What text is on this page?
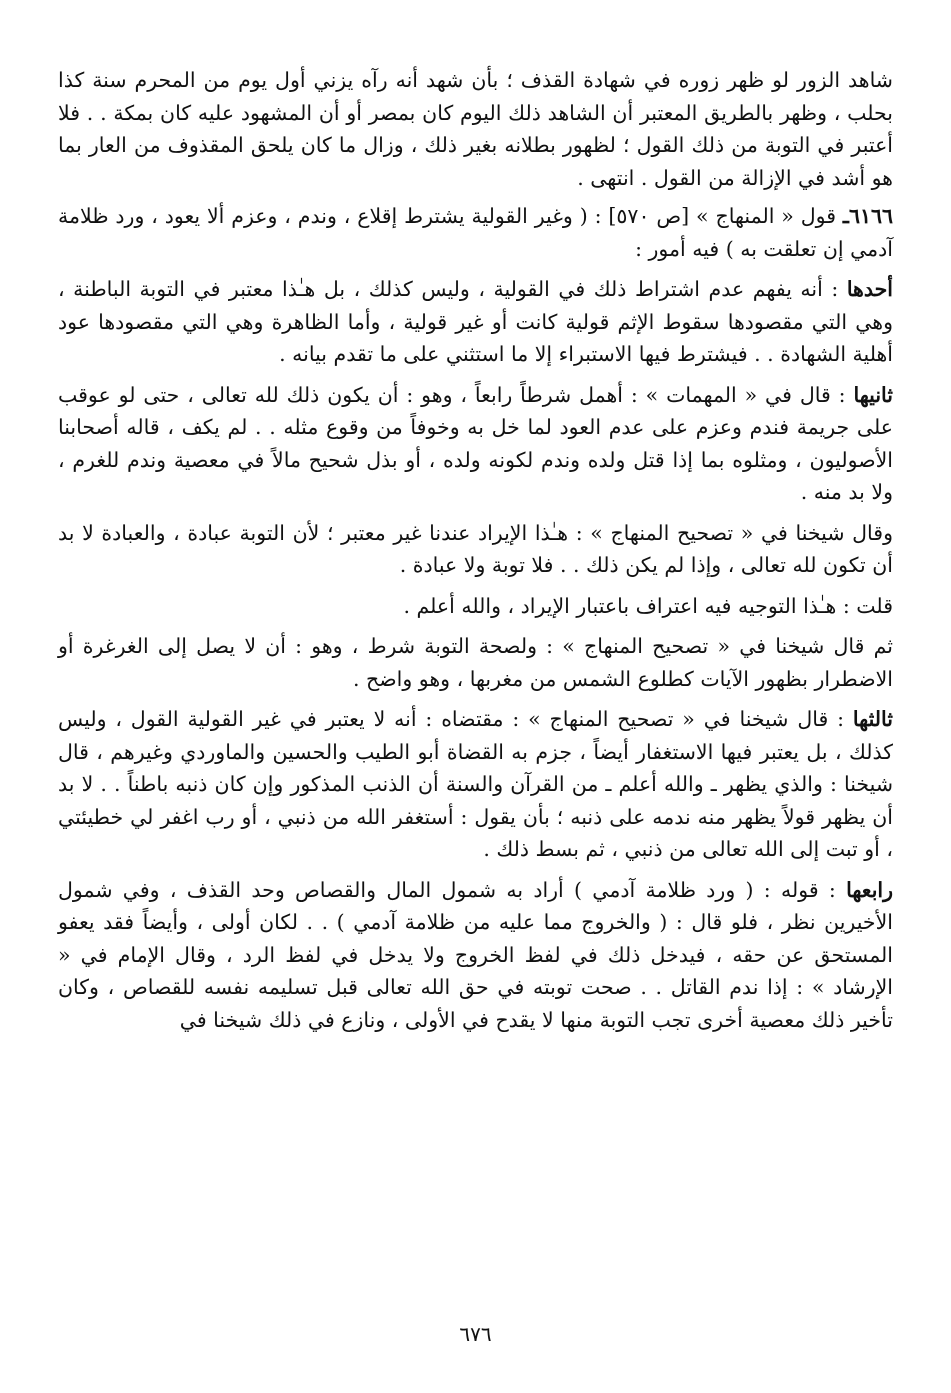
شاهد الزور لو ظهر زوره في شهادة القذف ؛ بأن شهد أنه رآه يزني أول يوم من المحرم سنة كذا بحلب ، وظهر بالطريق المعتبر أن الشاهد ذلك اليوم كان بمصر أو أن المشهود عليه كان بمكة . . فلا أعتبر في التوبة من ذلك القول ؛ لظهور بطلانه بغير ذلك ، وزال ما كان يلحق المقذوف من العار بما هو أشد في الإزالة من القول . انتهى .

٦١٦٦ـ قول « المنهاج » [ص ٥٧٠] : ( وغير القولية يشترط إقلاع ، وندم ، وعزم ألا يعود ، ورد ظلامة آدمي إن تعلقت به ) فيه أمور :

أحدها : أنه يفهم عدم اشتراط ذلك في القولية ، وليس كذلك ، بل هـٰذا معتبر في التوبة الباطنة ، وهي التي مقصودها سقوط الإثم قولية كانت أو غير قولية ، وأما الظاهرة وهي التي مقصودها عود أهلية الشهادة . . فيشترط فيها الاستبراء إلا ما استثني على ما تقدم بيانه .

ثانيها : قال في « المهمات » : أهمل شرطاً رابعاً ، وهو : أن يكون ذلك لله تعالى ، حتى لو عوقب على جريمة فندم وعزم على عدم العود لما خل به وخوفاً من وقوع مثله . . لم يكف ، قاله أصحابنا الأصوليون ، ومثلوه بما إذا قتل ولده وندم لكونه ولده ، أو بذل شحيح مالاً في معصية وندم للغرم ، ولا بد منه .

وقال شيخنا في « تصحيح المنهاج » : هـٰذا الإيراد عندنا غير معتبر ؛ لأن التوبة عبادة ، والعبادة لا بد أن تكون لله تعالى ، وإذا لم يكن ذلك . . فلا توبة ولا عبادة .

قلت : هـٰذا التوجيه فيه اعتراف باعتبار الإيراد ، والله أعلم .

ثم قال شيخنا في « تصحيح المنهاج » : ولصحة التوبة شرط ، وهو : أن لا يصل إلى الغرغرة أو الاضطرار بظهور الآيات كطلوع الشمس من مغربها ، وهو واضح .

ثالثها : قال شيخنا في « تصحيح المنهاج » : مقتضاه : أنه لا يعتبر في غير القولية القول ، وليس كذلك ، بل يعتبر فيها الاستغفار أيضاً ، جزم به القضاة أبو الطيب والحسين والماوردي وغيرهم ، قال شيخنا : والذي يظهر ـ والله أعلم ـ من القرآن والسنة أن الذنب المذكور وإن كان ذنبه باطناً . . لا بد أن يظهر قولاً يظهر منه ندمه على ذنبه ؛ بأن يقول : أستغفر الله من ذنبي ، أو رب اغفر لي خطيئتي ، أو تبت إلى الله تعالى من ذنبي ، ثم بسط ذلك .

رابعها : قوله : ( ورد ظلامة آدمي ) أراد به شمول المال والقصاص وحد القذف ، وفي شمول الأخيرين نظر ، فلو قال : ( والخروج مما عليه من ظلامة آدمي ) . . لكان أولى ، وأيضاً فقد يعفو المستحق عن حقه ، فيدخل ذلك في لفظ الخروج ولا يدخل في لفظ الرد ، وقال الإمام في « الإرشاد » : إذا ندم القاتل . . صحت توبته في حق الله تعالى قبل تسليمه نفسه للقصاص ، وكان تأخير ذلك معصية أخرى تجب التوبة منها لا يقدح في الأولى ، ونازع في ذلك شيخنا في

٦٧٦
